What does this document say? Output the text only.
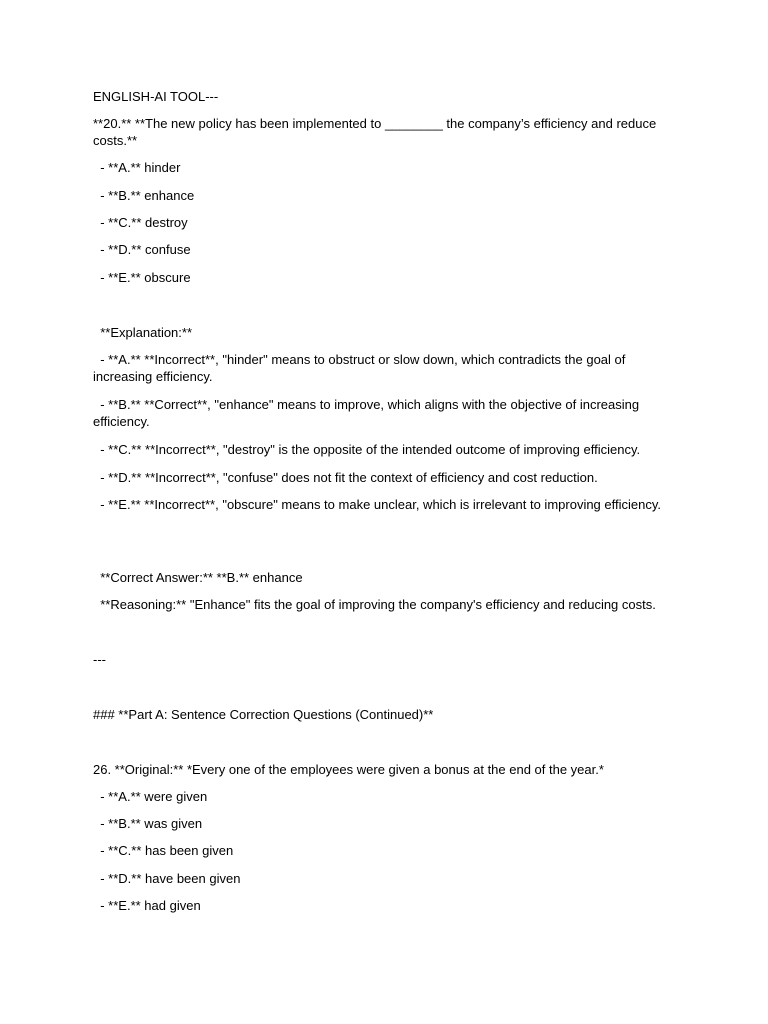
ENGLISH-AI TOOL---

**20.** **The new policy has been implemented to ________ the company’s efficiency and reduce costs.**

- **A.** hinder

- **B.** enhance

- **C.** destroy

- **D.** confuse

- **E.** obscure

**Explanation:**

- **A.** **Incorrect**, "hinder" means to obstruct or slow down, which contradicts the goal of increasing efficiency.

- **B.** **Correct**, "enhance" means to improve, which aligns with the objective of increasing efficiency.

- **C.** **Incorrect**, "destroy" is the opposite of the intended outcome of improving efficiency.

- **D.** **Incorrect**, "confuse" does not fit the context of efficiency and cost reduction.

- **E.** **Incorrect**, "obscure" means to make unclear, which is irrelevant to improving efficiency.

**Correct Answer:** **B.** enhance

**Reasoning:** "Enhance" fits the goal of improving the company's efficiency and reducing costs.

---

### **Part A: Sentence Correction Questions (Continued)**

26. **Original:** *Every one of the employees were given a bonus at the end of the year.*

- **A.** were given

- **B.** was given

- **C.** has been given

- **D.** have been given

- **E.** had given
